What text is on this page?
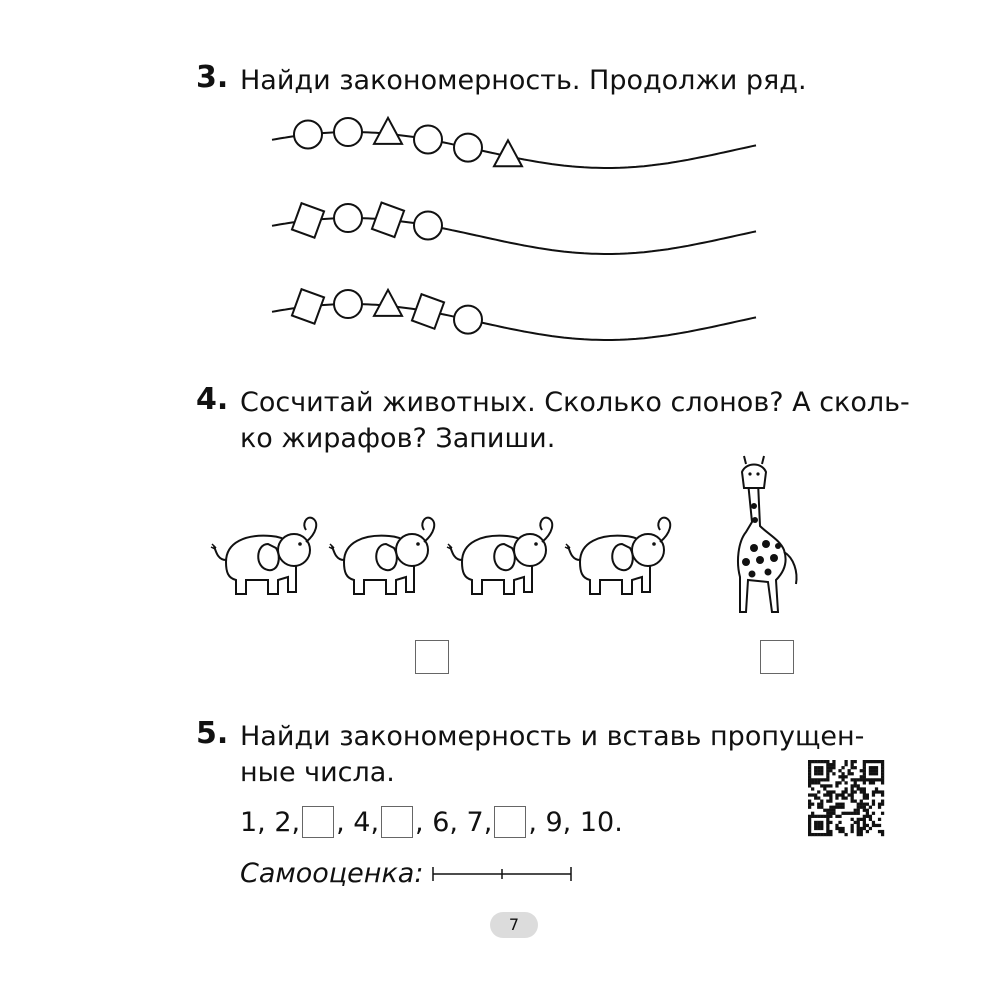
3. Найди закономерность. Продолжи ряд.
4. Сосчитай животных. Сколько слонов? А сколь-
ко жирафов? Запиши.
5. Найди закономерность и вставь пропущен-
ные числа.
1, 2, , 4, , 6, 7, , 9, 10.
Самооценка :
7
